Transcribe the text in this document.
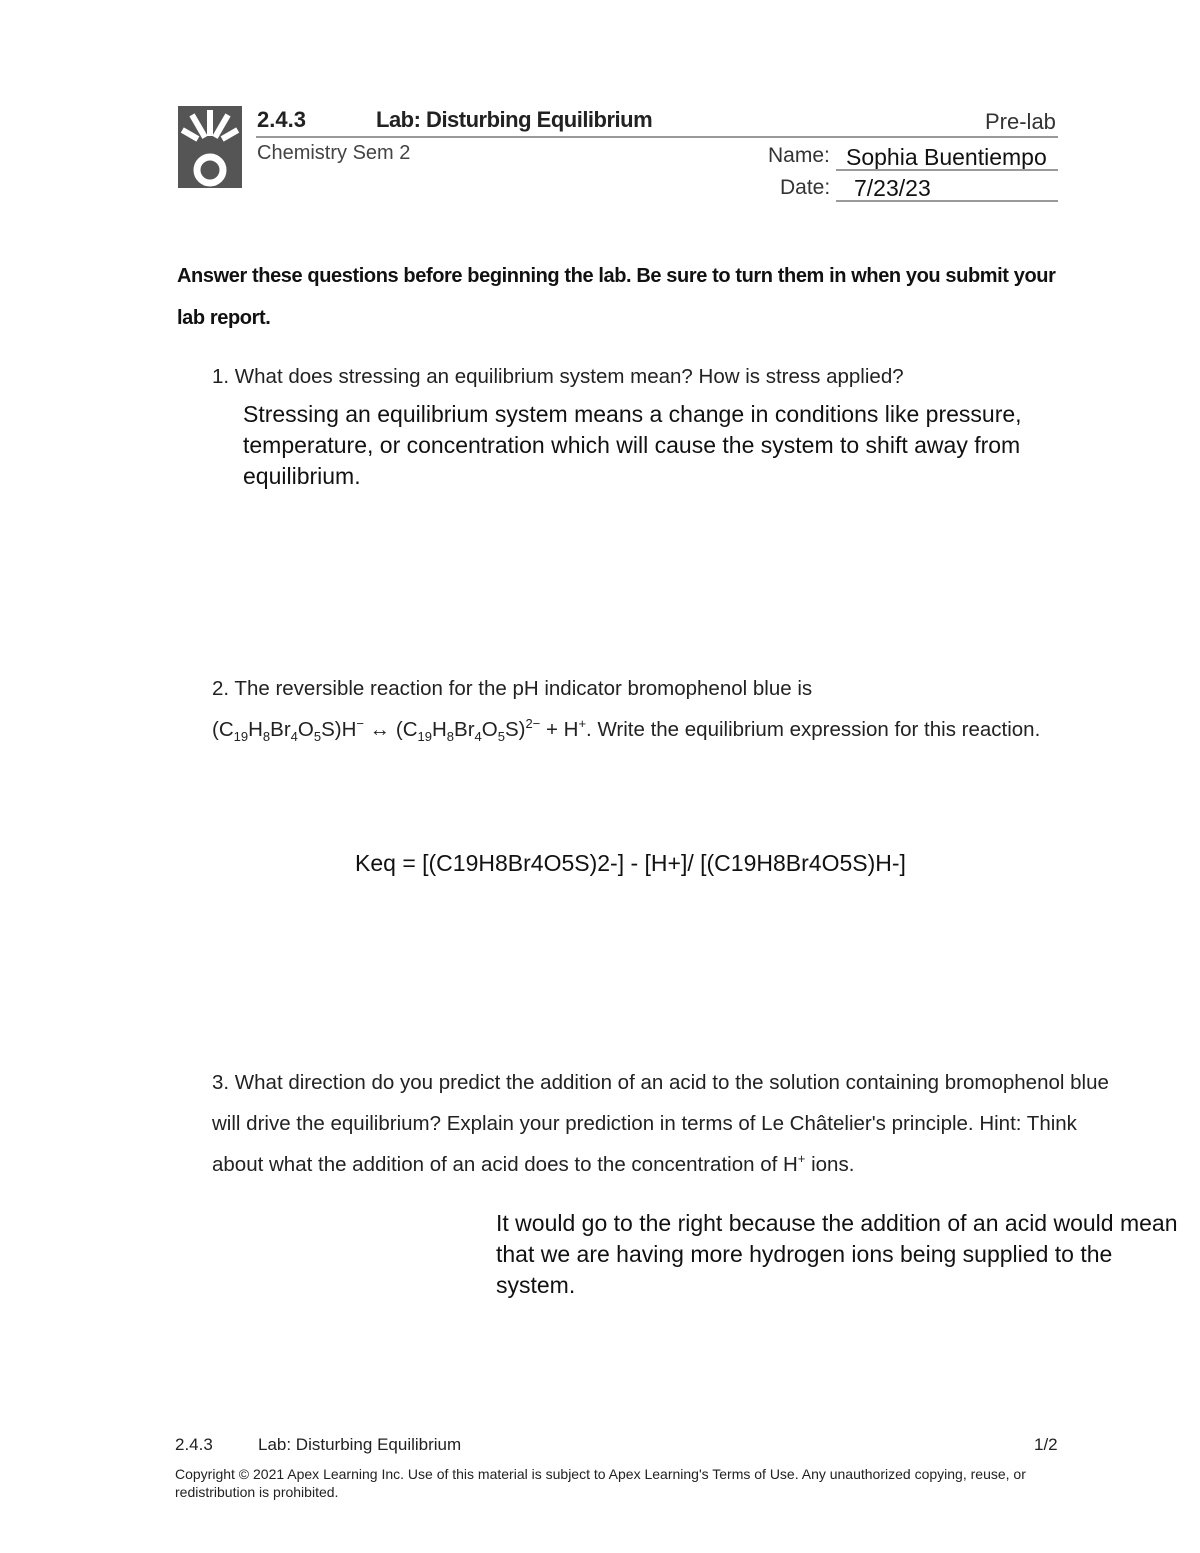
2.4.3	Lab: Disturbing Equilibrium	Pre-lab
Chemistry Sem 2	Name: Sophia Buentiempo
Date: 7/23/23
Answer these questions before beginning the lab. Be sure to turn them in when you submit your lab report.
1. What does stressing an equilibrium system mean? How is stress applied?
Stressing an equilibrium system means a change in conditions like pressure, temperature, or concentration which will cause the system to shift away from equilibrium.
2. The reversible reaction for the pH indicator bromophenol blue is
$(C_{19}H_8Br_4O_5S)H^-$ ↔ $(C_{19}H_8Br_4O_5S)^{2-} + H^+$. Write the equilibrium expression for this reaction.
Keq = [(C19H8Br4O5S)2-] - [H+]/ [(C19H8Br4O5S)H-]
3. What direction do you predict the addition of an acid to the solution containing bromophenol blue will drive the equilibrium? Explain your prediction in terms of Le Châtelier's principle. Hint: Think about what the addition of an acid does to the concentration of H+ ions.
It would go to the right because the addition of an acid would mean that we are having more hydrogen ions being supplied to the system.
2.4.3	Lab: Disturbing Equilibrium	1/2
Copyright © 2021 Apex Learning Inc. Use of this material is subject to Apex Learning's Terms of Use. Any unauthorized copying, reuse, or redistribution is prohibited.
